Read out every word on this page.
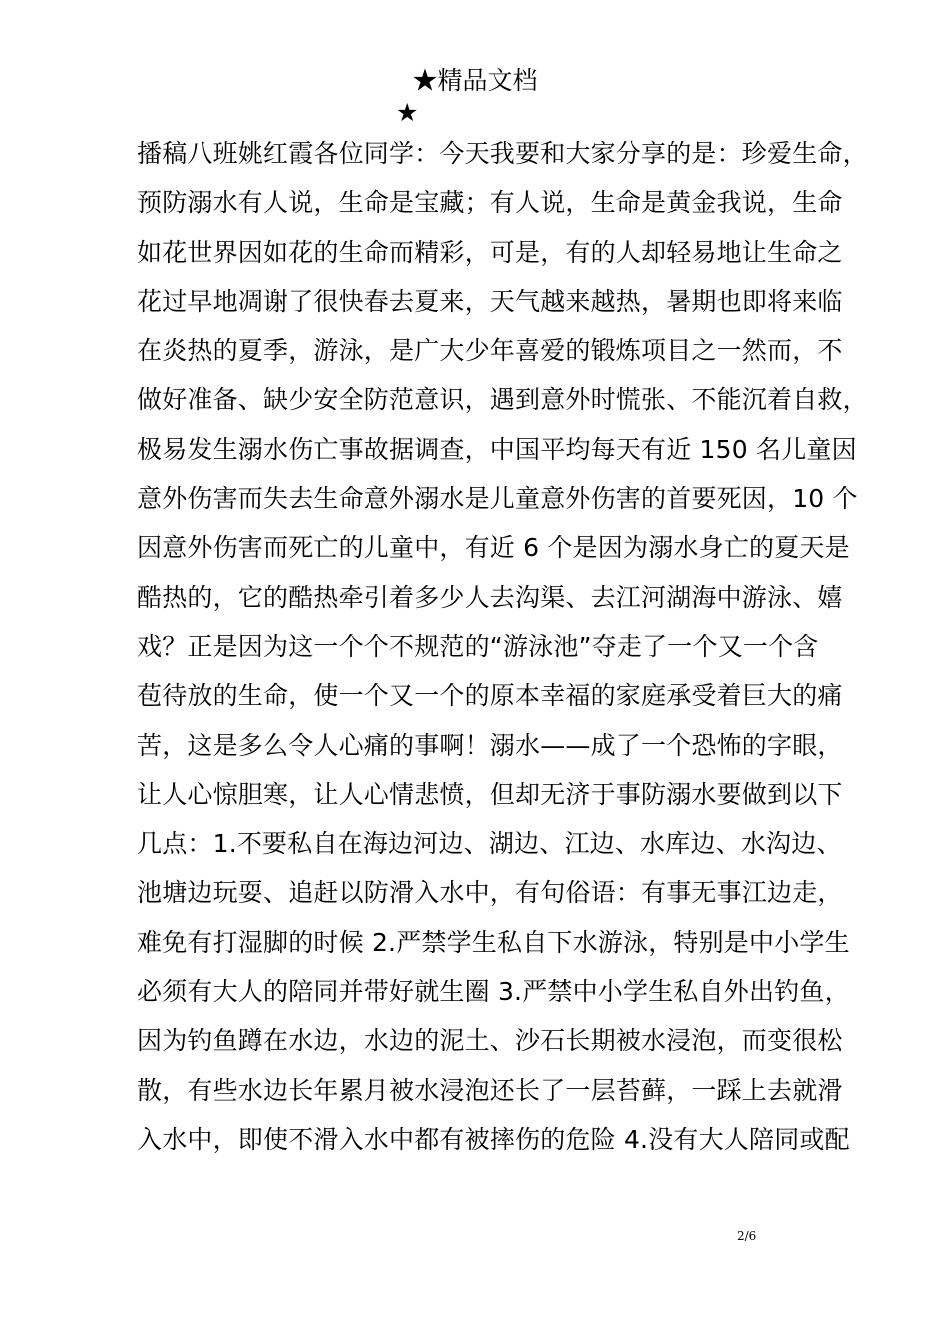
★精品文档
★
播稿八班姚红霞各位同学：今天我要和大家分享的是：珍爱生命，
预防溺水有人说，生命是宝藏；有人说，生命是黄金我说，生命
如花世界因如花的生命而精彩，可是，有的人却轻易地让生命之
花过早地凋谢了很快春去夏来，天气越来越热，暑期也即将来临
在炎热的夏季，游泳，是广大少年喜爱的锻炼项目之一然而，不
做好准备、缺少安全防范意识，遇到意外时慌张、不能沉着自救，
极易发生溺水伤亡事故据调查，中国平均每天有近 150 名儿童因
意外伤害而失去生命意外溺水是儿童意外伤害的首要死因，10 个
因意外伤害而死亡的儿童中，有近 6 个是因为溺水身亡的夏天是
酷热的，它的酷热牵引着多少人去沟渠、去江河湖海中游泳、嬉
戏？正是因为这一个个不规范的“游泳池”夺走了一个又一个含
苞待放的生命，使一个又一个的原本幸福的家庭承受着巨大的痛
苦，这是多么令人心痛的事啊！溺水——成了一个恐怖的字眼，
让人心惊胆寒，让人心情悲愤，但却无济于事防溺水要做到以下
几点：1.不要私自在海边河边、湖边、江边、水库边、水沟边、
池塘边玩耍、追赶以防滑入水中，有句俗语：有事无事江边走，
难免有打湿脚的时候 2.严禁学生私自下水游泳，特别是中小学生
必须有大人的陪同并带好就生圈 3.严禁中小学生私自外出钓鱼，
因为钓鱼蹲在水边，水边的泥土、沙石长期被水浸泡，而变很松
散，有些水边长年累月被水浸泡还长了一层苔藓，一踩上去就滑
入水中，即使不滑入水中都有被摔伤的危险 4.没有大人陪同或配
2/6
